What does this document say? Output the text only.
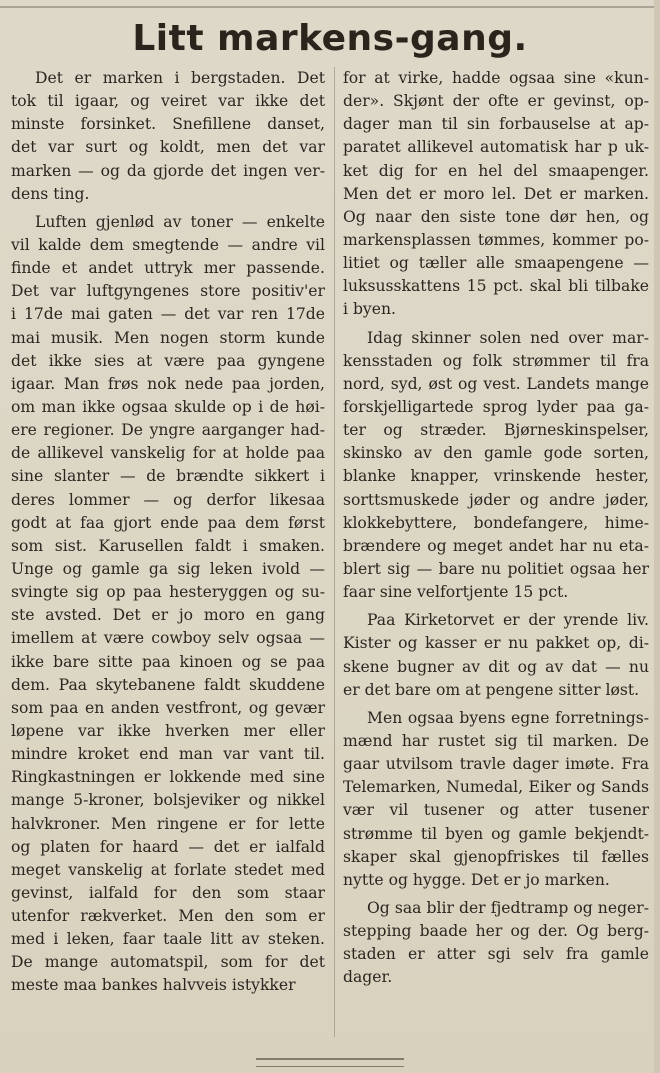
Litt markens-gang.
Det er marken i bergstaden. Det
tok til igaar, og veiret var ikke det
minste forsinket. Snefillene danset,
det var surt og koldt, men det var
marken — og da gjorde det ingen ver-
dens ting.
Luften gjenlød av toner — enkelte
vil kalde dem smegtende — andre vil
finde et andet uttryk mer passende.
Det var luftgyngenes store positiv'er
i 17de mai gaten — det var ren 17de
mai musik. Men nogen storm kunde
det ikke sies at være paa gyngene
igaar. Man frøs nok nede paa jorden,
om man ikke ogsaa skulde op i de høi-
ere regioner. De yngre aarganger had-
de allikevel vanskelig for at holde paa
sine slanter — de brændte sikkert i
deres lommer — og derfor likesaa
godt at faa gjort ende paa dem først
som sist. Karusellen faldt i smaken.
Unge og gamle ga sig leken ivold —
svingte sig op paa hesteryggen og su-
ste avsted. Det er jo moro en gang
imellem at være cowboy selv ogsaa —
ikke bare sitte paa kinoen og se paa
dem. Paa skytebanene faldt skuddene
som paa en anden vestfront, og gevær
løpene var ikke hverken mer eller
mindre kroket end man var vant til.
Ringkastningen er lokkende med sine
mange 5-kroner, bolsjeviker og nikkel
halvkroner. Men ringene er for lette
og platen for haard — det er ialfald
meget vanskelig at forlate stedet med
gevinst, ialfald for den som staar
utenfor rækverket. Men den som er
med i leken, faar taale litt av steken.
De mange automatspil, som for det
meste maa bankes halvveis istykker
for at virke, hadde ogsaa sine «kun-
der». Skjønt der ofte er gevinst, op-
dager man til sin forbauselse at ap-
paratet allikevel automatisk har p uk-
ket dig for en hel del smaapenger.
Men det er moro lel. Det er marken.
Og naar den siste tone dør hen, og
markensplassen tømmes, kommer po-
litiet og tæller alle smaapengene —
luksusskattens 15 pct. skal bli tilbake
i byen.
Idag skinner solen ned over mar-
kensstaden og folk strømmer til fra
nord, syd, øst og vest. Landets mange
forskjelligartede sprog lyder paa ga-
ter og stræder. Bjørneskinspelser,
skinsko av den gamle gode sorten,
blanke knapper, vrinskende hester,
sorttsmuskede jøder og andre jøder,
klokkebyttere, bondefangere, hime-
brændere og meget andet har nu eta-
blert sig — bare nu politiet ogsaa her
faar sine velfortjente 15 pct.
Paa Kirketorvet er der yrende liv.
Kister og kasser er nu pakket op, di-
skene bugner av dit og av dat — nu
er det bare om at pengene sitter løst.
Men ogsaa byens egne forretnings-
mænd har rustet sig til marken. De
gaar utvilsom travle dager imøte. Fra
Telemarken, Numedal, Eiker og Sands
vær vil tusener og atter tusener
strømme til byen og gamle bekjendt-
skaper skal gjenopfriskes til fælles
nytte og hygge. Det er jo marken.
Og saa blir der fjedtramp og neger-
stepping baade her og der. Og berg-
staden er atter sgi selv fra gamle
dager.
